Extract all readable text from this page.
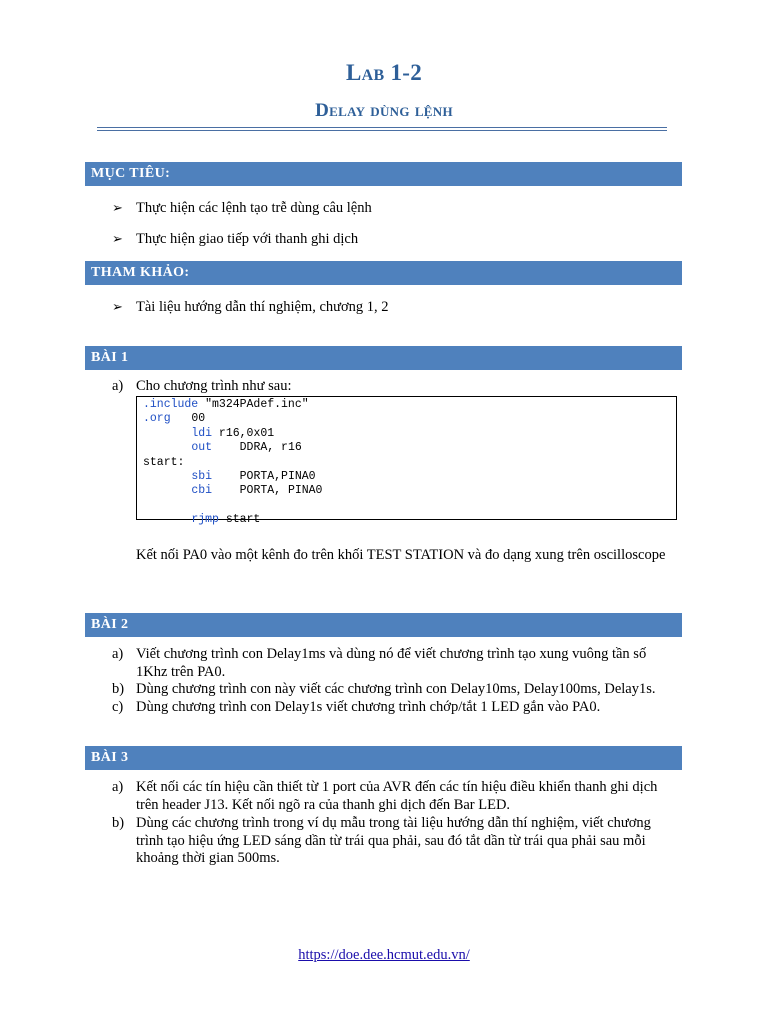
Lab 1-2
Delay dùng lệnh
MỤC TIÊU:
➢ Thực hiện các lệnh tạo trễ dùng câu lệnh
➢ Thực hiện giao tiếp với thanh ghi dịch
THAM KHẢO:
➢ Tài liệu hướng dẫn thí nghiệm, chương 1, 2
BÀI 1
a) Cho chương trình như sau:
.include "m324PAdef.inc"
.org   00
ldi r16,0x01
out    DDRA, r16
start:
sbi    PORTA,PINA0
cbi    PORTA, PINA0
rjmp start
Kết nối PA0 vào một kênh đo trên khối TEST STATION và đo dạng xung trên oscilloscope
BÀI 2
a) Viết chương trình con Delay1ms và dùng nó để viết chương trình tạo xung vuông tần số 1Khz trên PA0.
b) Dùng chương trình con này viết các chương trình con Delay10ms, Delay100ms, Delay1s.
c) Dùng chương trình con Delay1s viết chương trình chớp/tắt 1 LED gắn vào PA0.
BÀI 3
a) Kết nối các tín hiệu cần thiết từ 1 port của AVR đến các tín hiệu điều khiển thanh ghi dịch trên header J13. Kết nối ngõ ra của thanh ghi dịch đến Bar LED.
b) Dùng các chương trình trong ví dụ mẫu trong tài liệu hướng dẫn thí nghiệm, viết chương trình tạo hiệu ứng LED sáng dần từ trái qua phải, sau đó tắt dần từ trái qua phải sau mỗi khoảng thời gian 500ms.
https://doe.dee.hcmut.edu.vn/
